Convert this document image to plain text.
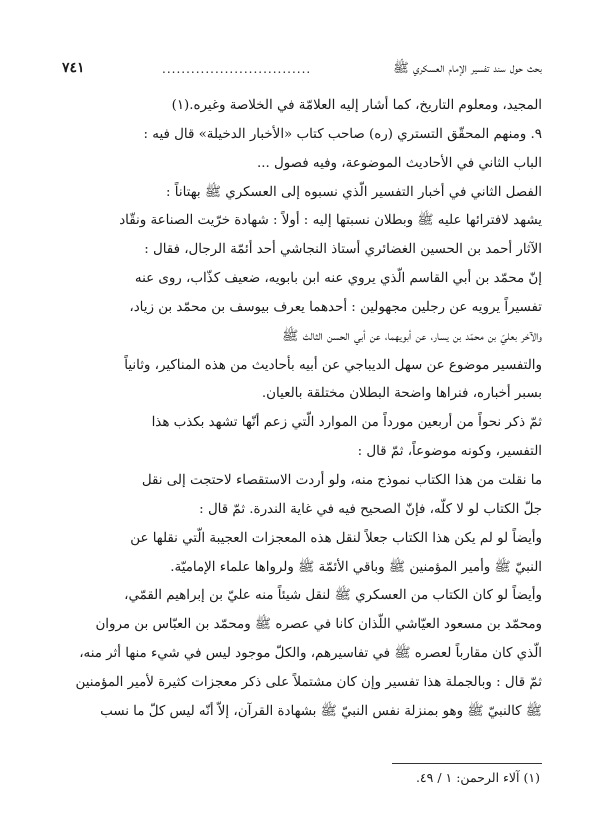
بحث حول سند تفسير الإمام العسكري ﷺ
...............................
٧٤١
المجيد، ومعلوم التاريخ، كما أشار إليه العلامّة في الخلاصة وغيره.(١)
٩. ومنهم المحقّق التستري (ره) صاحب كتاب «الأخبار الدخيلة» قال فيه :
الباب الثاني في الأحاديث الموضوعة، وفيه فصول ...
الفصل الثاني في أخبار التفسير الّذي نسبوه إلى العسكري ﷺ بهتاناً :
يشهد لافترائها عليه ﷺ وبطلان نسبتها إليه : أولاً : شهادة خرّيت الصناعة ونقّاد
الآثار أحمد بن الحسين الغضائري أستاذ النجاشي أحد أئمّة الرجال، فقال :
إنّ محمّد بن أبي القاسم الّذي يروي عنه ابن بابويه، ضعيف كذّاب، روى عنه
تفسيراً يرويه عن رجلين مجهولين : أحدهما يعرف بيوسف بن محمّد بن زياد،
والآخر بعليّ بن محمّد بن يسار، عن أبويهما، عن أبي الحسن الثالث ﷺ
والتفسير موضوع عن سهل الديباجي عن أبيه بأحاديث من هذه المناكير، وثانياً
بسبر أخباره، فنراها واضحة البطلان مختلقة بالعيان.
ثمّ ذكر نحواً من أربعين مورداً من الموارد الّتي زعم أنّها تشهد بكذب هذا
التفسير، وكونه موضوعاً، ثمّ قال :
ما نقلت من هذا الكتاب نموذج منه، ولو أردت الاستقصاء لاحتجت إلى نقل
جلّ الكتاب لو لا كلّه، فإنّ الصحيح فيه في غاية الندرة. ثمّ قال :
وأيضاً لو لم يكن هذا الكتاب جعلاً لنقل هذه المعجزات العجيبة الّتي نقلها عن
النبيّ ﷺ وأمير المؤمنين ﷺ وباقي الأئمّة ﷺ ولرواها علماء الإماميّة.
وأيضاً لو كان الكتاب من العسكري ﷺ لنقل شيئاً منه عليّ بن إبراهيم القمّي،
ومحمّد بن مسعود العيّاشي اللّذان كانا في عصره ﷺ ومحمّد بن العبّاس بن مروان
الّذي كان مقارباً لعصره ﷺ في تفاسيرهم، والكلّ موجود ليس في شيء منها أثر منه،
ثمّ قال : وبالجملة هذا تفسير وإن كان مشتملاً على ذكر معجزات كثيرة لأمير المؤمنين
ﷺ كالنبيّ ﷺ وهو بمنزلة نفس النبيّ ﷺ بشهادة القرآن، إلاّ أنّه ليس كلّ ما نسب
(١) آلاء الرحمن: ١ / ٤٩.
